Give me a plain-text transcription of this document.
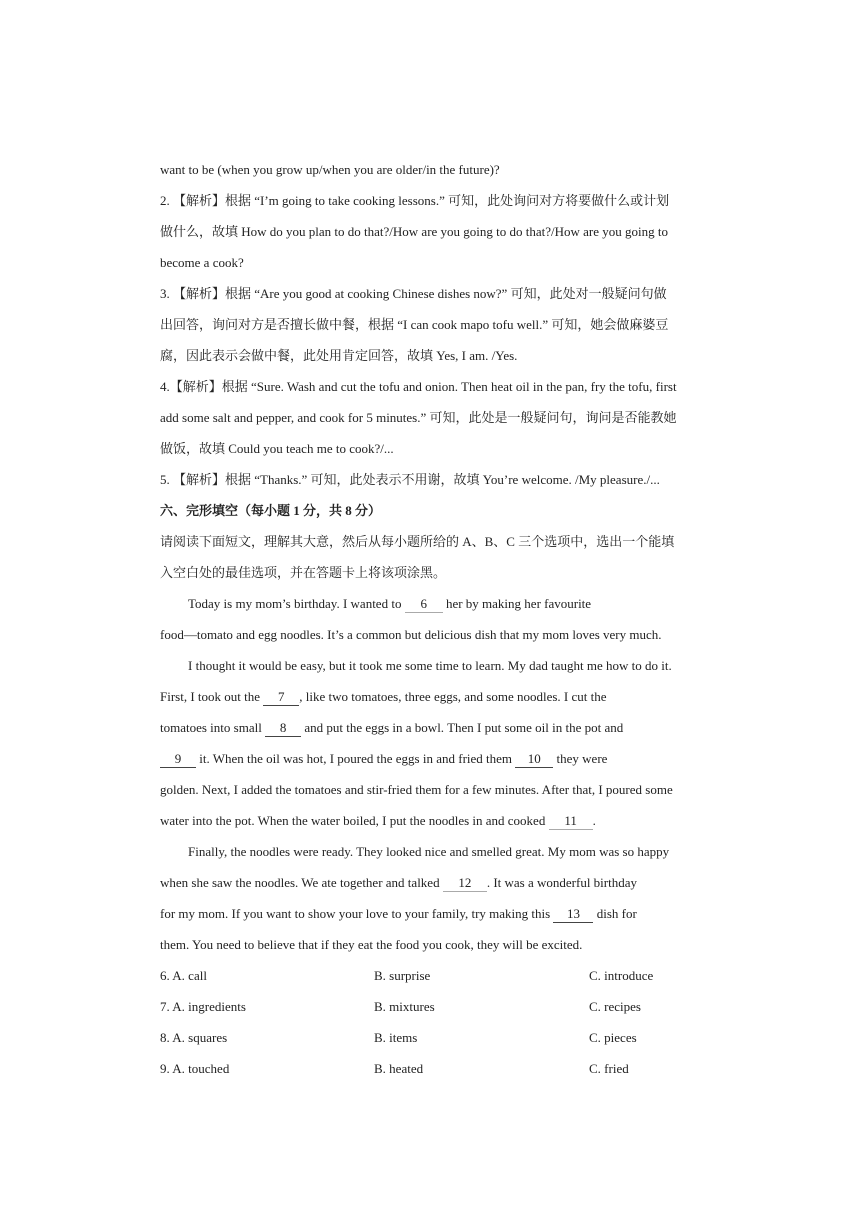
want to be (when you grow up/when you are older/in the future)?
2. 【解析】根据 “I’m going to take cooking lessons.” 可知，此处询问对方将要做什么或计划
做什么，故填 How do you plan to do that?/How are you going to do that?/How are you going to
become a cook?
3. 【解析】根据 “Are you good at cooking Chinese dishes now?” 可知，此处对一般疑问句做
出回答，询问对方是否擅长做中餐，根据 “I can cook mapo tofu well.” 可知，她会做麻婆豆
腐，因此表示会做中餐，此处用肯定回答，故填 Yes, I am. /Yes.
4.【解析】根据 “Sure. Wash and cut the tofu and onion. Then heat oil in the pan, fry the tofu, first
add some salt and pepper, and cook for 5 minutes.” 可知，此处是一般疑问句，询问是否能教她
做饭，故填 Could you teach me to cook?/...
5. 【解析】根据 “Thanks.” 可知，此处表示不用谢，故填 You’re welcome. /My pleasure./...
六、完形填空（每小题 1 分，共 8 分）
请阅读下面短文，理解其大意，然后从每小题所给的 A、B、C 三个选项中，选出一个能填
入空白处的最佳选项，并在答题卡上将该项涂黑。
Today is my mom’s birthday. I wanted to 6 her by making her favourite
food—tomato and egg noodles. It’s a common but delicious dish that my mom loves very much.
I thought it would be easy, but it took me some time to learn. My dad taught me how to do it.
First, I took out the 7 , like two tomatoes, three eggs, and some noodles. I cut the
tomatoes into small 8 and put the eggs in a bowl. Then I put some oil in the pot and
9 it. When the oil was hot, I poured the eggs in and fried them 10 they were
golden. Next, I added the tomatoes and stir-fried them for a few minutes. After that, I poured some
water into the pot. When the water boiled, I put the noodles in and cooked 11 .
Finally, the noodles were ready. They looked nice and smelled great. My mom was so happy
when she saw the noodles. We ate together and talked 12 . It was a wonderful birthday
for my mom. If you want to show your love to your family, try making this 13 dish for
them. You need to believe that if they eat the food you cook, they will be excited.
6. A. call	B. surprise	C. introduce
7. A. ingredients	B. mixtures	C. recipes
8. A. squares	B. items	C. pieces
9. A. touched	B. heated	C. fried
